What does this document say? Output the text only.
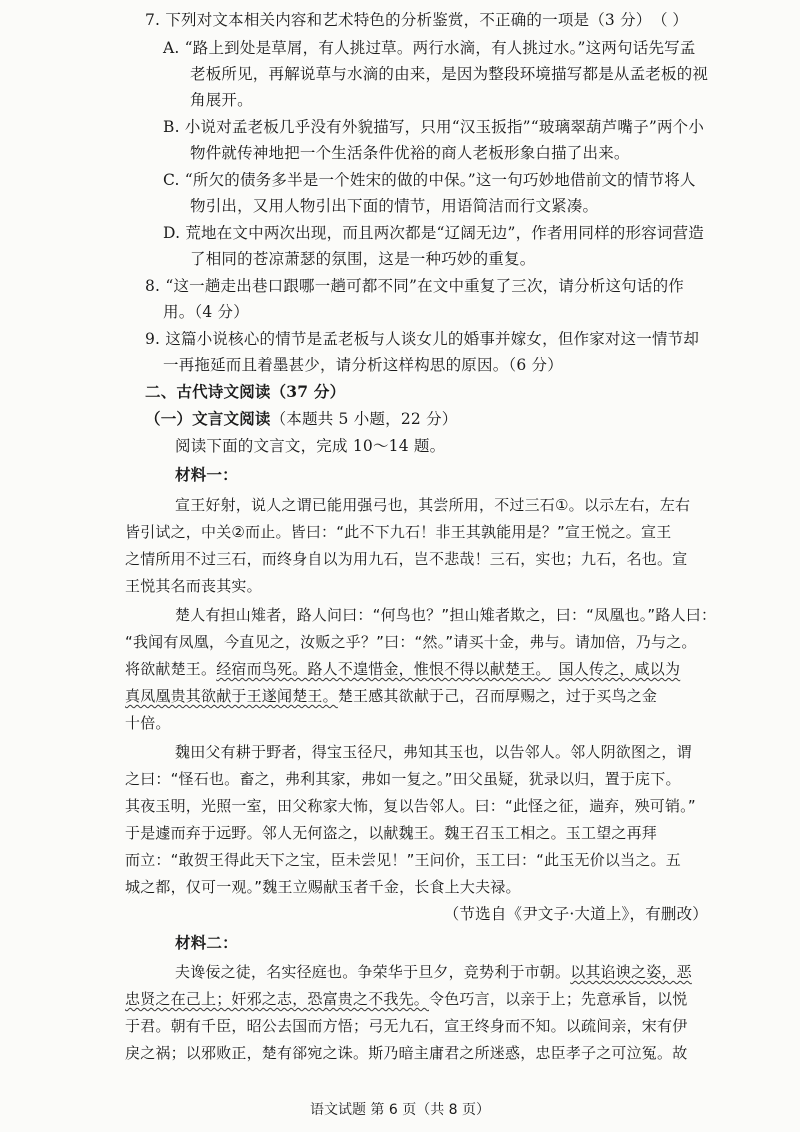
7. 下列对文本相关内容和艺术特色的分析鉴赏，不正确的一项是（3 分） （ ）
A. “路上到处是草屑，有人挑过草。两行水滴，有人挑过水。”这两句话先写孟
老板所见，再解说草与水滴的由来，是因为整段环境描写都是从孟老板的视
角展开。
B. 小说对孟老板几乎没有外貌描写，只用“汉玉扳指”“玻璃翠葫芦嘴子”两个小
物件就传神地把一个生活条件优裕的商人老板形象白描了出来。
C. “所欠的债务多半是一个姓宋的做的中保。”这一句巧妙地借前文的情节将人
物引出，又用人物引出下面的情节，用语简洁而行文紧凑。
D. 荒地在文中两次出现，而且两次都是“辽阔无边”，作者用同样的形容词营造
了相同的苍凉萧瑟的氛围，这是一种巧妙的重复。
8. “这一趟走出巷口跟哪一趟可都不同”在文中重复了三次，请分析这句话的作
用。（4 分）
9. 这篇小说核心的情节是孟老板与人谈女儿的婚事并嫁女，但作家对这一情节却
一再拖延而且着墨甚少，请分析这样构思的原因。（6 分）
二、古代诗文阅读（37 分）
（一）文言文阅读（本题共 5 小题，22 分）
阅读下面的文言文，完成 10～14 题。
材料一：
宣王好射，说人之谓已能用强弓也，其尝所用，不过三石①。以示左右，左右
皆引试之，中关②而止。皆曰：“此不下九石！非王其孰能用是？”宣王悦之。宣王
之情所用不过三石，而终身自以为用九石，岂不悲哉！三石，实也；九石，名也。宣
王悦其名而丧其实。
楚人有担山雉者，路人问曰：“何鸟也？”担山雉者欺之，曰：“凤凰也。”路人曰：
“我闻有凤凰，今直见之，汝贩之乎？”曰：“然。”请买十金，弗与。请加倍，乃与之。
将欲献楚王。经宿而鸟死。路人不遑惜金，惟恨不得以献楚王。 国人传之，咸以为
真凤凰贵其欲献于王遂闻楚王。楚王感其欲献于己，召而厚赐之，过于买鸟之金
十倍。
魏田父有耕于野者，得宝玉径尺，弗知其玉也，以告邻人。邻人阴欲图之，谓
之曰：“怪石也。畜之，弗利其家，弗如一复之。”田父虽疑，犹录以归，置于庑下。
其夜玉明，光照一室，田父称家大怖，复以告邻人。曰：“此怪之征，遄弃，殃可销。”
于是遽而弃于远野。邻人无何盗之，以献魏王。魏王召玉工相之。玉工望之再拜
而立：“敢贺王得此天下之宝，臣未尝见！”王问价，玉工曰：“此玉无价以当之。五
城之都，仅可一观。”魏王立赐献玉者千金，长食上大夫禄。
（节选自《尹文子·大道上》，有删改）
材料二：
夫谗佞之徒，名实径庭也。争荣华于旦夕，竞势利于市朝。以其谄谀之姿，恶
忠贤之在己上；奸邪之志，恐富贵之不我先。令色巧言，以亲于上；先意承旨，以悦
于君。朝有千臣，昭公去国而方悟；弓无九石，宣王终身而不知。以疏间亲，宋有伊
戾之祸；以邪败正，楚有郤宛之诛。斯乃暗主庸君之所迷惑，忠臣孝子之可泣冤。故
语文试题 第 6 页（共 8 页）
